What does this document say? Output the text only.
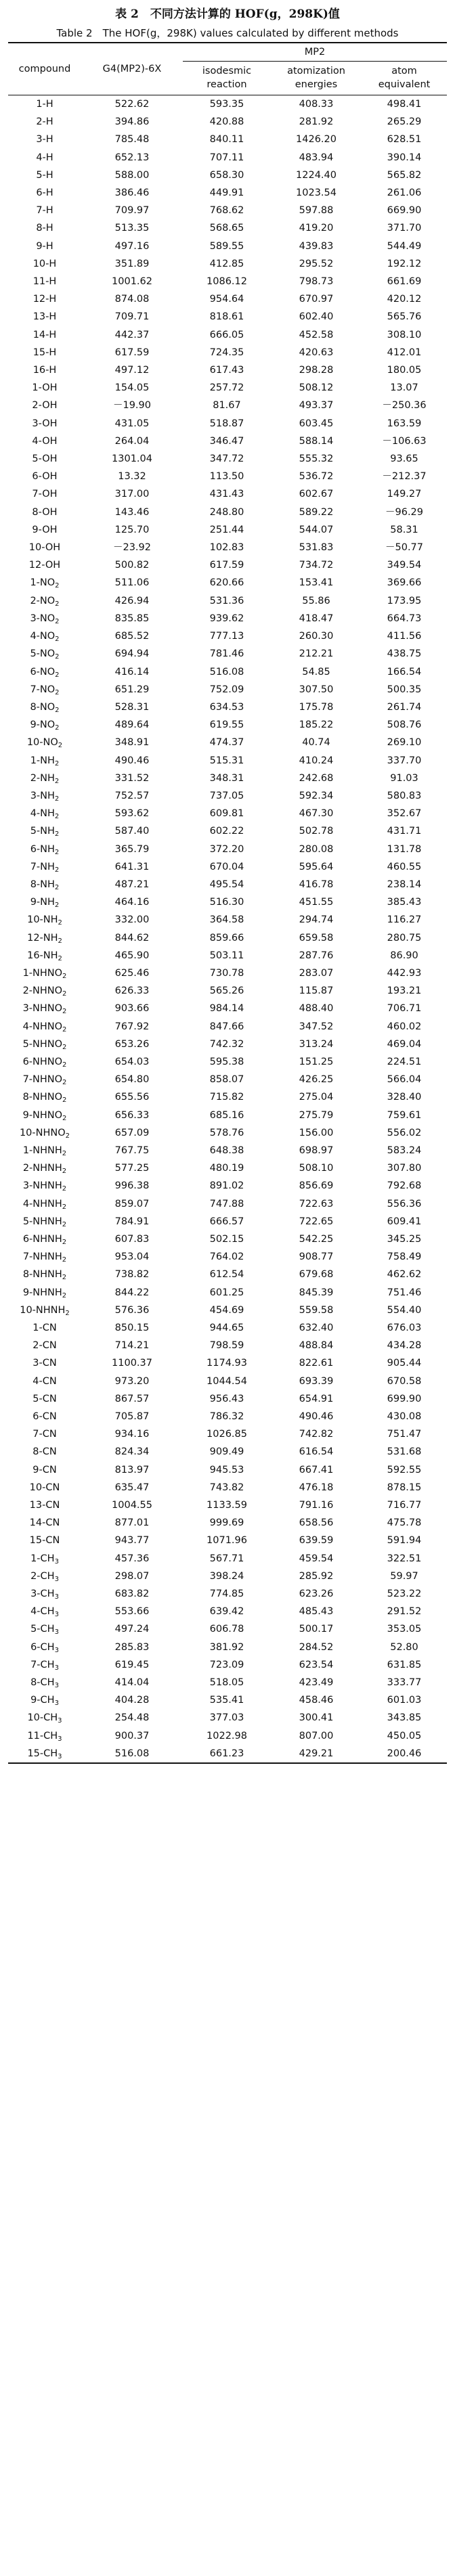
表 2　不同方法计算的 HOF(g，298K)值
Table 2　The HOF(g，298K) values calculated by different methods
compound	G4(MP2)-6X	MP2		
		isodesmic	atomization	atom
		reaction	energies	equivalent
1-H	522.62	593.35	408.33	498.41
2-H	394.86	420.88	281.92	265.29
3-H	785.48	840.11	1426.20	628.51
4-H	652.13	707.11	483.94	390.14
5-H	588.00	658.30	1224.40	565.82
6-H	386.46	449.91	1023.54	261.06
7-H	709.97	768.62	597.88	669.90
8-H	513.35	568.65	419.20	371.70
9-H	497.16	589.55	439.83	544.49
10-H	351.89	412.85	295.52	192.12
11-H	1001.62	1086.12	798.73	661.69
12-H	874.08	954.64	670.97	420.12
13-H	709.71	818.61	602.40	565.76
14-H	442.37	666.05	452.58	308.10
15-H	617.59	724.35	420.63	412.01
16-H	497.12	617.43	298.28	180.05
1-OH	154.05	257.72	508.12	13.07
2-OH	－19.90	81.67	493.37	－250.36
3-OH	431.05	518.87	603.45	163.59
4-OH	264.04	346.47	588.14	－106.63
5-OH	1301.04	347.72	555.32	93.65
6-OH	13.32	113.50	536.72	－212.37
7-OH	317.00	431.43	602.67	149.27
8-OH	143.46	248.80	589.22	－96.29
9-OH	125.70	251.44	544.07	58.31
10-OH	－23.92	102.83	531.83	－50.77
12-OH	500.82	617.59	734.72	349.54
$1-NO_2$	511.06	620.66	153.41	369.66
$2-NO_2$	426.94	531.36	55.86	173.95
$3-NO_2$	835.85	939.62	418.47	664.73
$4-NO_2$	685.52	777.13	260.30	411.56
$5-NO_2$	694.94	781.46	212.21	438.75
$6-NO_2$	416.14	516.08	54.85	166.54
$7-NO_2$	651.29	752.09	307.50	500.35
$8-NO_2$	528.31	634.53	175.78	261.74
$9-NO_2$	489.64	619.55	185.22	508.76
$10-NO_2$	348.91	474.37	40.74	269.10
$1-NH_2$	490.46	515.31	410.24	337.70
$2-NH_2$	331.52	348.31	242.68	91.03
$3-NH_2$	752.57	737.05	592.34	580.83
$4-NH_2$	593.62	609.81	467.30	352.67
$5-NH_2$	587.40	602.22	502.78	431.71
$6-NH_2$	365.79	372.20	280.08	131.78
$7-NH_2$	641.31	670.04	595.64	460.55
$8-NH_2$	487.21	495.54	416.78	238.14
$9-NH_2$	464.16	516.30	451.55	385.43
$10-NH_2$	332.00	364.58	294.74	116.27
$12-NH_2$	844.62	859.66	659.58	280.75
$16-NH_2$	465.90	503.11	287.76	86.90
$1-NHNO_2$	625.46	730.78	283.07	442.93
$2-NHNO_2$	626.33	565.26	115.87	193.21
$3-NHNO_2$	903.66	984.14	488.40	706.71
$4-NHNO_2$	767.92	847.66	347.52	460.02
$5-NHNO_2$	653.26	742.32	313.24	469.04
$6-NHNO_2$	654.03	595.38	151.25	224.51
$7-NHNO_2$	654.80	858.07	426.25	566.04
$8-NHNO_2$	655.56	715.82	275.04	328.40
$9-NHNO_2$	656.33	685.16	275.79	759.61
$10-NHNO_2$	657.09	578.76	156.00	556.02
$1-NHNH_2$	767.75	648.38	698.97	583.24
$2-NHNH_2$	577.25	480.19	508.10	307.80
$3-NHNH_2$	996.38	891.02	856.69	792.68
$4-NHNH_2$	859.07	747.88	722.63	556.36
$5-NHNH_2$	784.91	666.57	722.65	609.41
$6-NHNH_2$	607.83	502.15	542.25	345.25
$7-NHNH_2$	953.04	764.02	908.77	758.49
$8-NHNH_2$	738.82	612.54	679.68	462.62
$9-NHNH_2$	844.22	601.25	845.39	751.46
$10-NHNH_2$	576.36	454.69	559.58	554.40
1-CN	850.15	944.65	632.40	676.03
2-CN	714.21	798.59	488.84	434.28
3-CN	1100.37	1174.93	822.61	905.44
4-CN	973.20	1044.54	693.39	670.58
5-CN	867.57	956.43	654.91	699.90
6-CN	705.87	786.32	490.46	430.08
7-CN	934.16	1026.85	742.82	751.47
8-CN	824.34	909.49	616.54	531.68
9-CN	813.97	945.53	667.41	592.55
10-CN	635.47	743.82	476.18	878.15
13-CN	1004.55	1133.59	791.16	716.77
14-CN	877.01	999.69	658.56	475.78
15-CN	943.77	1071.96	639.59	591.94
$1-CH_3$	457.36	567.71	459.54	322.51
$2-CH_3$	298.07	398.24	285.92	59.97
$3-CH_3$	683.82	774.85	623.26	523.22
$4-CH_3$	553.66	639.42	485.43	291.52
$5-CH_3$	497.24	606.78	500.17	353.05
$6-CH_3$	285.83	381.92	284.52	52.80
$7-CH_3$	619.45	723.09	623.54	631.85
$8-CH_3$	414.04	518.05	423.49	333.77
$9-CH_3$	404.28	535.41	458.46	601.03
$10-CH_3$	254.48	377.03	300.41	343.85
$11-CH_3$	900.37	1022.98	807.00	450.05
$15-CH_3$	516.08	661.23	429.21	200.46
